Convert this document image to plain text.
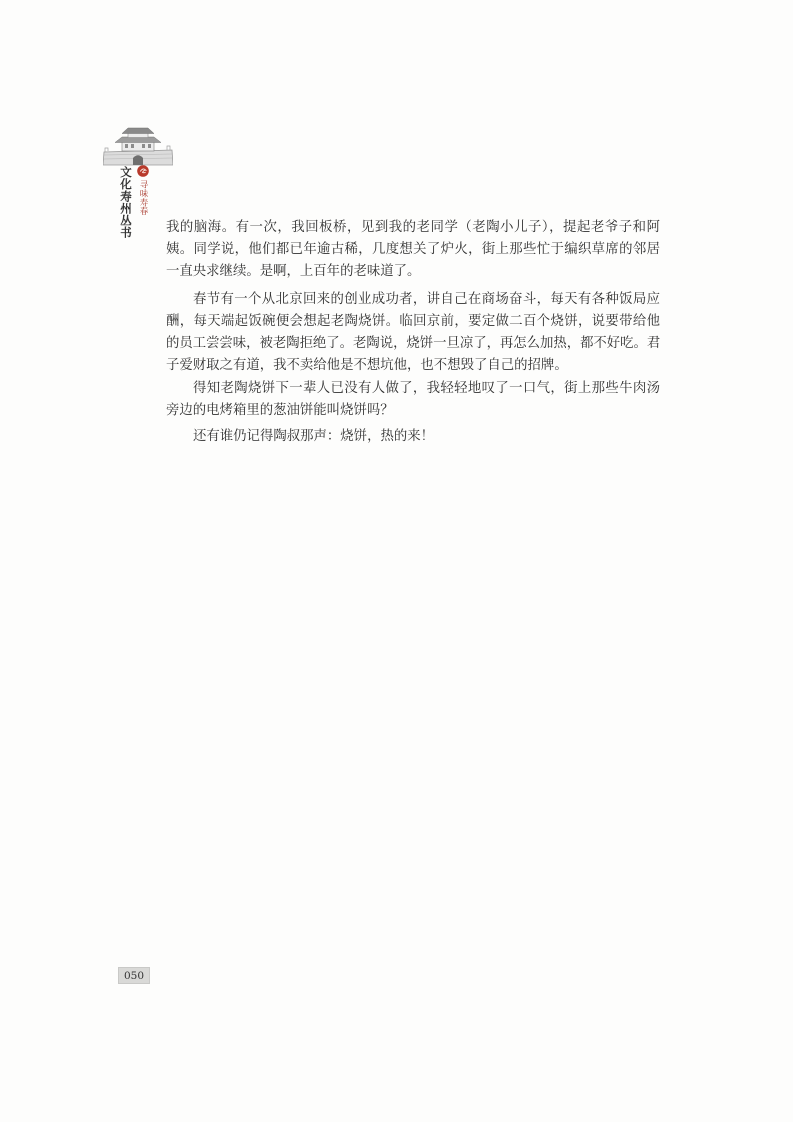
文化寿州丛书 寻味寿春
我的脑海。有一次，我回板桥，见到我的老同学（老陶小儿子），提起老爷子和阿
姨。同学说，他们都已年逾古稀，几度想关了炉火，街上那些忙于编织草席的邻居
一直央求继续。是啊，上百年的老味道了。
春节有一个从北京回来的创业成功者，讲自己在商场奋斗，每天有各种饭局应
酬，每天端起饭碗便会想起老陶烧饼。临回京前，要定做二百个烧饼，说要带给他
的员工尝尝味，被老陶拒绝了。老陶说，烧饼一旦凉了，再怎么加热，都不好吃。君
子爱财取之有道，我不卖给他是不想坑他，也不想毁了自己的招牌。
得知老陶烧饼下一辈人已没有人做了，我轻轻地叹了一口气，街上那些牛肉汤
旁边的电烤箱里的葱油饼能叫烧饼吗？
还有谁仍记得陶叔那声：烧饼，热的来！
050
